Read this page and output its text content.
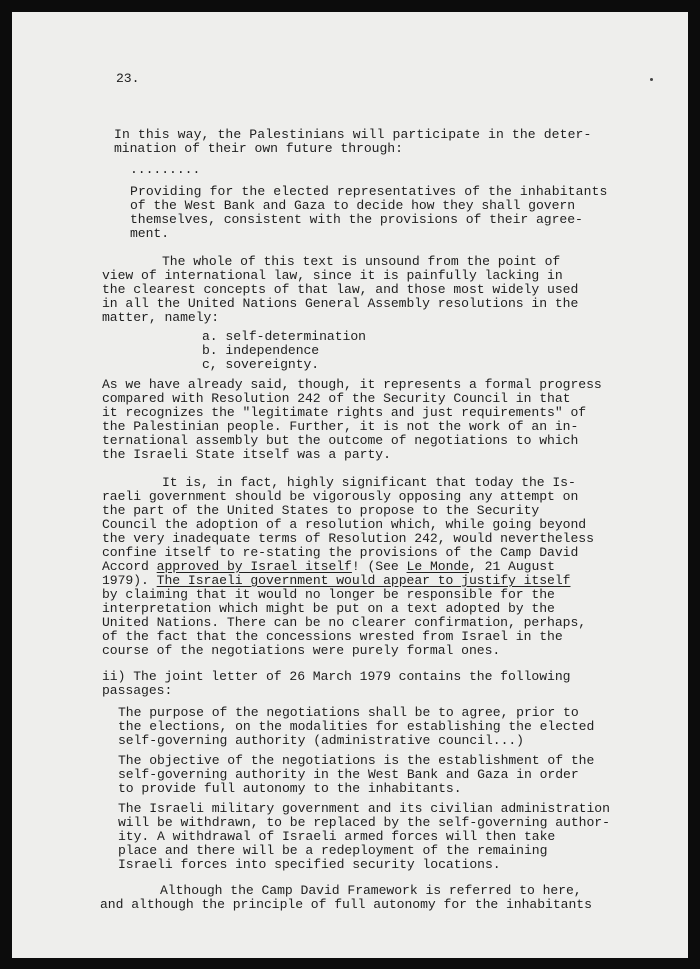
23.
In this way, the Palestinians will participate in the deter-
mination of their own future through:
.........
Providing for the elected representatives of the inhabitants
of the West Bank and Gaza to decide how they shall govern
themselves, consistent with the provisions of their agree-
ment.
The whole of this text is unsound from the point of
view of international law, since it is painfully lacking in
the clearest concepts of that law, and those most widely used
in all the United Nations General Assembly resolutions in the
matter, namely:
a. self-determination
b. independence
c, sovereignty.
As we have already said, though, it represents a formal progress
compared with Resolution 242 of the Security Council in that
it recognizes the "legitimate rights and just requirements" of
the Palestinian people. Further, it is not the work of an in-
ternational assembly but the outcome of negotiations to which
the Israeli State itself was a party.
It is, in fact, highly significant that today the Is-
raeli government should be vigorously opposing any attempt on
the part of the United States to propose to the Security
Council the adoption of a resolution which, while going beyond
the very inadequate terms of Resolution 242, would nevertheless
confine itself to re-stating the provisions of the Camp David
Accord approved by Israel itself! (See Le Monde, 21 August
1979). The Israeli government would appear to justify itself
by claiming that it would no longer be responsible for the
interpretation which might be put on a text adopted by the
United Nations. There can be no clearer confirmation, perhaps,
of the fact that the concessions wrested from Israel in the
course of the negotiations were purely formal ones.
ii) The joint letter of 26 March 1979 contains the following
passages:
The purpose of the negotiations shall be to agree, prior to
the elections, on the modalities for establishing the elected
self-governing authority (administrative council...)
The objective of the negotiations is the establishment of the
self-governing authority in the West Bank and Gaza in order
to provide full autonomy to the inhabitants.
The Israeli military government and its civilian administration
will be withdrawn, to be replaced by the self-governing author-
ity. A withdrawal of Israeli armed forces will then take
place and there will be a redeployment of the remaining
Israeli forces into specified security locations.
Although the Camp David Framework is referred to here,
and although the principle of full autonomy for the inhabitants
